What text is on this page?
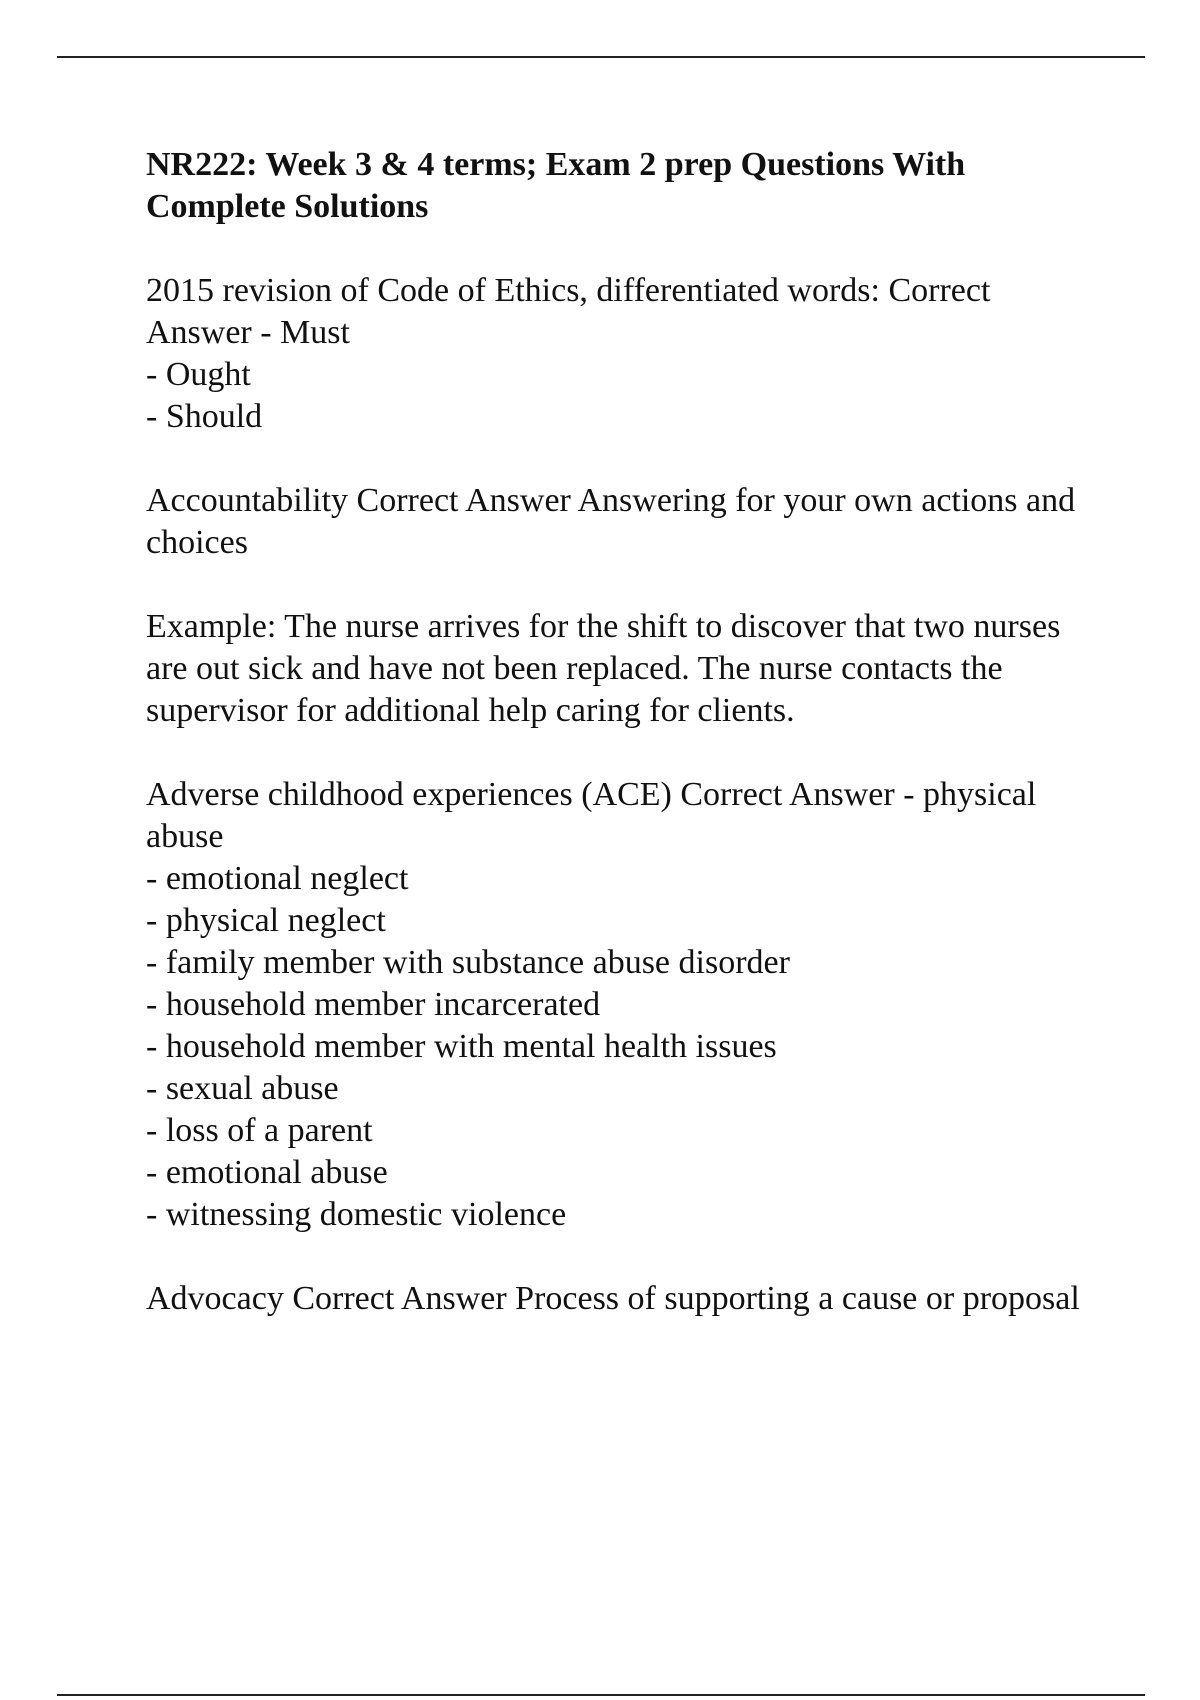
NR222: Week 3 & 4 terms; Exam 2 prep Questions With Complete Solutions

2015 revision of Code of Ethics, differentiated words: Correct Answer - Must
- Ought
- Should

Accountability Correct Answer Answering for your own actions and choices

Example: The nurse arrives for the shift to discover that two nurses are out sick and have not been replaced. The nurse contacts the supervisor for additional help caring for clients.

Adverse childhood experiences (ACE) Correct Answer - physical abuse
- emotional neglect
- physical neglect
- family member with substance abuse disorder
- household member incarcerated
- household member with mental health issues
- sexual abuse
- loss of a parent
- emotional abuse
- witnessing domestic violence

Advocacy Correct Answer Process of supporting a cause or proposal
